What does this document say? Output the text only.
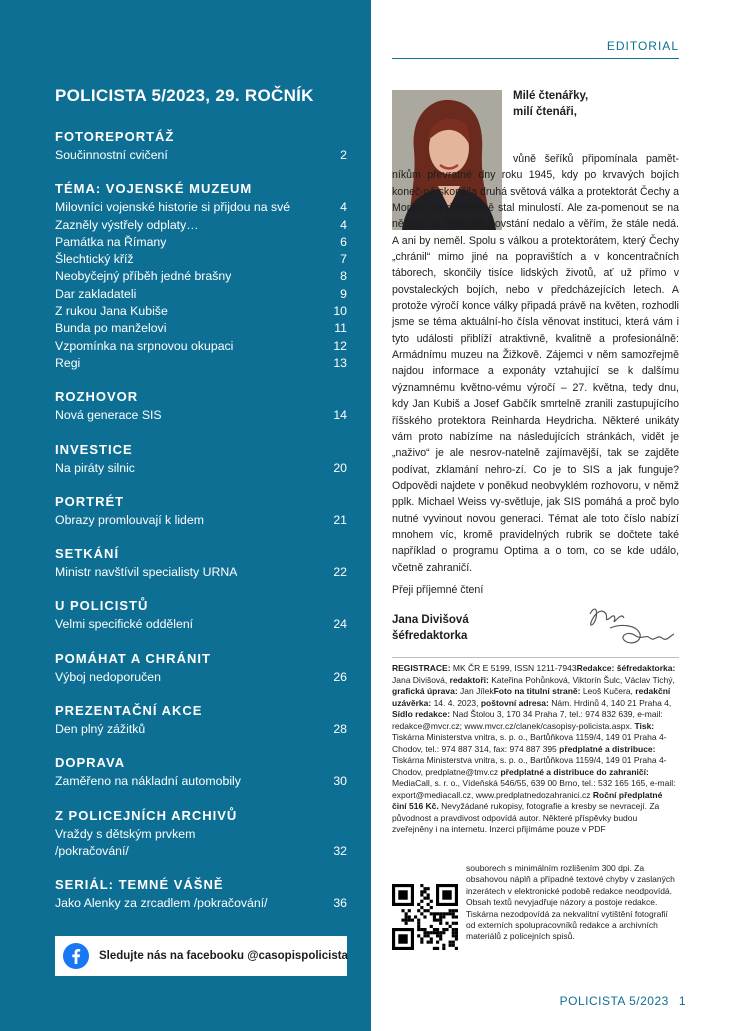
POLICISTA 5/2023, 29. ROČNÍK
FOTOREPORTÁŽ
Součinnostní cvičení	2
TÉMA: VOJENSKÉ MUZEUM
Milovníci vojenské historie si přijdou na své	4
Zazněly výstřely odplaty…	4
Památka na Římany	6
Šlechtický kříž	7
Neobyčejný příběh jedné brašny	8
Dar zakladateli	9
Z rukou Jana Kubiše	10
Bunda po manželovi	11
Vzpomínka na srpnovou okupaci	12
Regi	13
ROZHOVOR
Nová generace SIS	14
INVESTICE
Na piráty silnic	20
PORTRÉT
Obrazy promlouvají k lidem	21
SETKÁNÍ
Ministr navštívil specialisty URNA	22
U POLICISTŮ
Velmi specifické oddělení	24
POMÁHAT A CHRÁNIT
Výboj nedoporučen	26
PREZENTAČNÍ AKCE
Den plný zážitků	28
DOPRAVA
Zaměřeno na nákladní automobily	30
Z POLICEJNÍCH ARCHIVŮ
Vraždy s dětským prvkem
/pokračování/	32
SERIÁL: TEMNÉ VÁŠNĚ
Jako Alenky za zrcadlem /pokračování/	36
Sledujte nás na facebooku @casopispolicista
EDITORIAL
Milé čtenářky,
milí čtenáři,
vůně šeříků připomínala pamět-níkům převratné dny roku 1945, kdy po krvavých bojích koneč-ně skončila druhá světová válka a protektorát Čechy a Morava se definitivně stal minulostí. Ale za-pomenout se na něj ani na Praž-ské povstání nedalo a věřím, že stále nedá. A ani by neměl. Spolu s válkou a protektorátem, který Čechy „chránil“ mimo jiné na popravištích a v koncentračních táborech, skončily tisíce lidských životů, ať už přímo v povstaleckých bojích, nebo v předcházejících letech. A protože výročí konce války připadá právě na květen, rozhodli jsme se téma aktuální-ho čísla věnovat instituci, která vám i tyto události přiblíží atraktivně, kvalitně a profesionálně: Armádnímu muzeu na Žižkově. Zájemci v něm samozřejmě najdou informace a exponáty vztahující se k dalšímu významnému květno-vému výročí – 27. května, tedy dnu, kdy Jan Kubiš a Josef Gabčík smrtelně zranili zastupujícího říšského protektora Reinharda Heydricha. Některé unikáty vám proto nabízíme na následujících stránkách, vidět je „naživo“ je ale nesrov-natelně zajímavější, tak se zajděte podívat, zklamání nehro-zí. Co je to SIS a jak funguje? Odpovědi najdete v poněkud neobvyklém rozhovoru, v němž pplk. Michael Weiss vy-světluje, jak SIS pomáhá a proč bylo nutné vyvinout novou generaci. Témat ale toto číslo nabízí mnohem víc, kromě pravidelných rubrik se dočtete také například o programu Optima a o tom, co se kde událo, včetně zahraničí.
Přeji příjemné čtení
Jana Divišová
šéfredaktorka

REGISTRACE: MK ČR E 5199, ISSN 1211-7943Redakce: šéfredaktorka: Jana Divišová, redaktoři: Kateřina Pohůnková, Viktorín Šulc, Václav Tichý, grafická úprava: Jan JílekFoto na titulní straně: Leoš Kučera, redakční uzávěrka: 14. 4. 2023, poštovní adresa: Nám. Hrdinů 4, 140 21 Praha 4, Sídlo redakce: Nad Štolou 3, 170 34 Praha 7, tel.: 974 832 639, e-mail: redakce@mvcr.cz; www.mvcr.cz/clanek/casopisy-policista.aspx. Tisk: Tiskárna Ministerstva vnitra, s. p. o., Bartůňkova 1159/4, 149 01 Praha 4-Chodov, tel.: 974 887 314, fax: 974 887 395 předplatné a distribuce: Tiskárna Ministerstva vnitra, s. p. o., Bartůňkova 1159/4, 149 01 Praha 4-Chodov, predplatne@tmv.cz předplatné a distribuce do zahraničí: MediaCall, s. r. o., Vídeňská 546/55, 639 00 Brno, tel.: 532 165 165, e-mail: export@mediacall.cz, www.predplatnedozahranici.cz Roční předplatné činí 516 Kč. Nevyžádané rukopisy, fotografie a kresby se nevracejí. Za původnost a pravdivost odpovídá autor. Některé příspěvky budou zveřejněny i na internetu. Inzerci přijímáme pouze v PDF

souborech s minimálním rozlišením 300 dpi. Za obsahovou náplň a případné textové chyby v zaslaných inzerátech v elektronické podobě redakce neodpovídá. Obsah textů nevyjadřuje názory a postoje redakce. Tiskárna nezodpovídá za nekvalitní vytištění fotografií od externích spolupracovníků redakce a archivních materiálů z policejních spisů.
POLICISTA 5/2023 1
